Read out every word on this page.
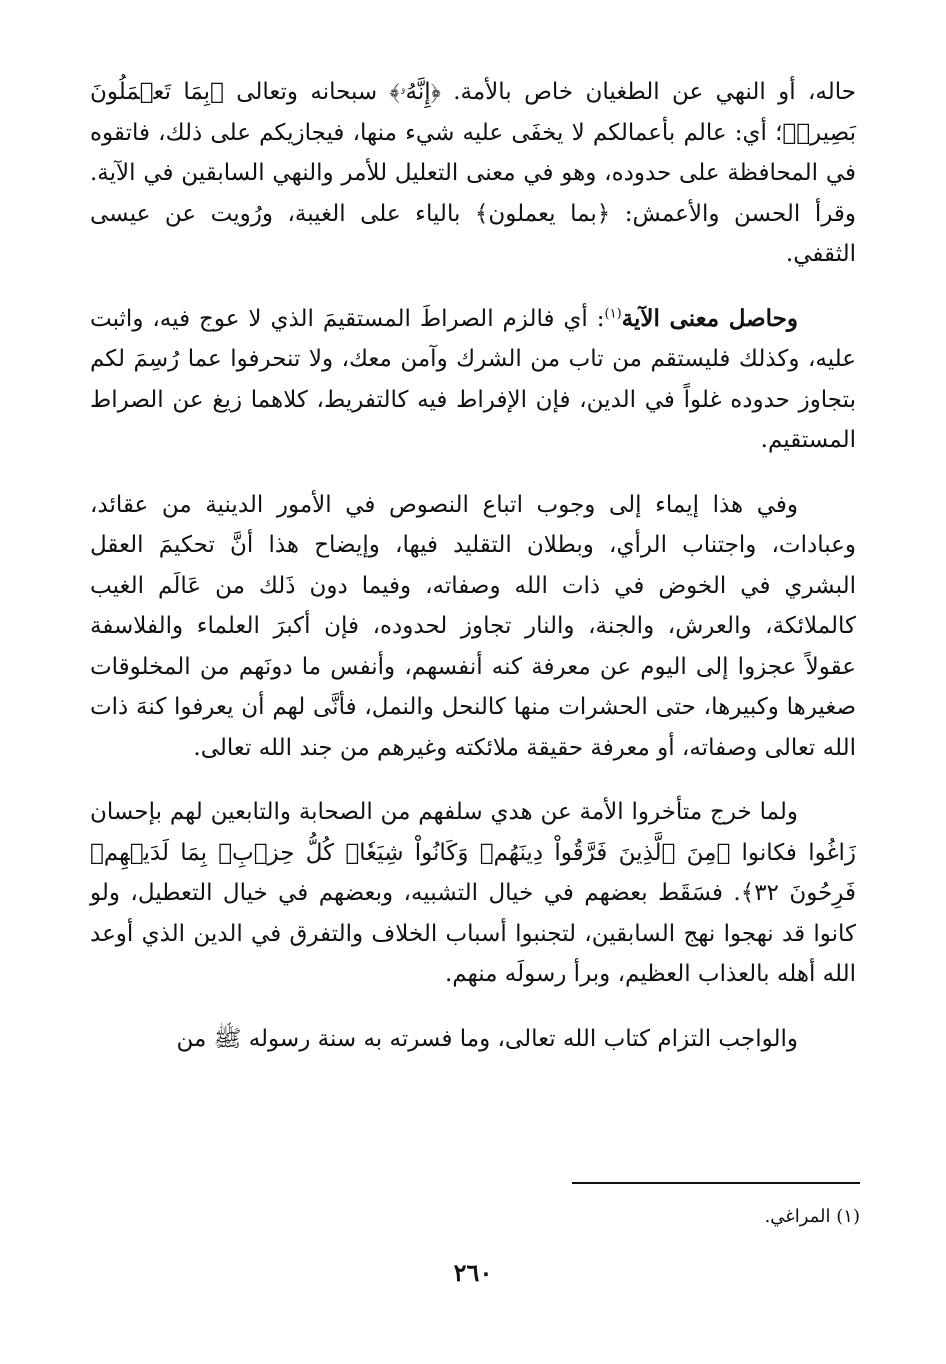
حاله، أو النهي عن الطغيان خاص بالأمة. ﴿إِنَّهُۥ﴾ سبحانه وتعالى ﴿بِمَا تَعۡمَلُونَ بَصِيرٞ﴾؛ أي: عالم بأعمالكم لا يخفَى عليه شيء منها، فيجازيكم على ذلك، فاتقوه في المحافظة على حدوده، وهو في معنى التعليل للأمر والنهي السابقين في الآية. وقرأ الحسن والأعمش: ﴿بما يعملون﴾ بالياء على الغيبة، ورُويت عن عيسى الثقفي.

وحاصل معنى الآية$^{(١)}$: أي فالزم الصراطَ المستقيمَ الذي لا عوج فيه، واثبت عليه، وكذلك فليستقم من تاب من الشرك وآمن معك، ولا تنحرفوا عما رُسِمَ لكم بتجاوز حدوده غلواً في الدين، فإن الإفراط فيه كالتفريط، كلاهما زيغ عن الصراط المستقيم.

وفي هذا إيماء إلى وجوب اتباع النصوص في الأمور الدينية من عقائد، وعبادات، واجتناب الرأي، وبطلان التقليد فيها، وإيضاح هذا أنَّ تحكيمَ العقل البشري في الخوض في ذات الله وصفاته، وفيما دون ذَلك من عَالَم الغيب كالملائكة، والعرش، والجنة، والنار تجاوز لحدوده، فإن أكبرَ العلماء والفلاسفة عقولاً عجزوا إلى اليوم عن معرفة كنه أنفسهم، وأنفس ما دونَهم من المخلوقات صغيرها وكبيرها، حتى الحشرات منها كالنحل والنمل، فأنَّى لهم أن يعرفوا كنهَ ذات الله تعالى وصفاته، أو معرفة حقيقة ملائكته وغيرهم من جند الله تعالى.

ولما خرج متأخروا الأمة عن هدي سلفهم من الصحابة والتابعين لهم بإحسان زَاغُوا فكانوا ﴿مِنَ ٱلَّذِينَ فَرَّقُواْ دِينَهُمۡ وَكَانُواْ شِيَعٗاۖ كُلُّ حِزۡبِۭ بِمَا لَدَيۡهِمۡ فَرِحُونَ ٣٢﴾. فسَقَط بعضهم في خيال التشبيه، وبعضهم في خيال التعطيل، ولو كانوا قد نهجوا نهج السابقين، لتجنبوا أسباب الخلاف والتفرق في الدين الذي أوعد الله أهله بالعذاب العظيم، وبرأ رسولَه منهم.

والواجب التزام كتاب الله تعالى، وما فسرته به سنة رسوله ﷺ من

(١) المراغي.
٢٦٠
